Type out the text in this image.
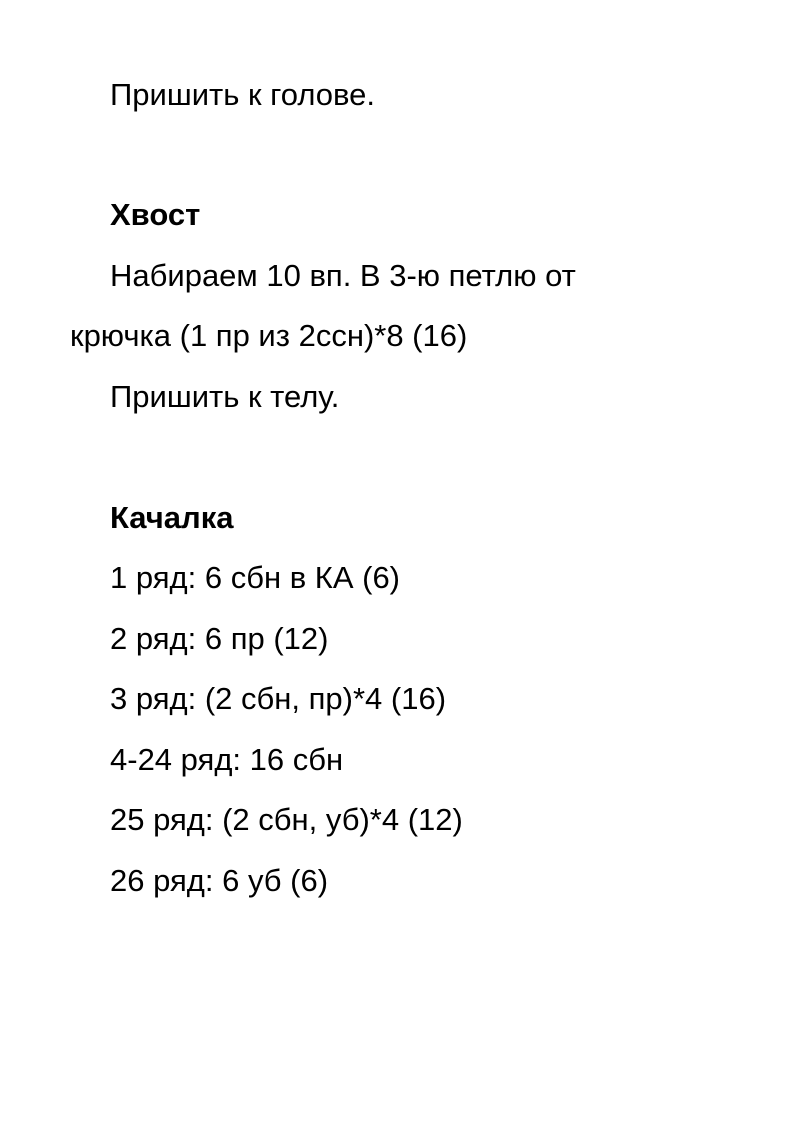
Пришить к голове.
Хвост
Набираем 10 вп. В 3-ю петлю от
крючка (1 пр из 2ссн)*8 (16)
Пришить к телу.
Качалка
1 ряд: 6 сбн в КА (6)
2 ряд: 6 пр (12)
3 ряд: (2 сбн, пр)*4 (16)
4-24 ряд: 16 сбн
25 ряд: (2 сбн, уб)*4 (12)
26 ряд: 6 уб (6)
